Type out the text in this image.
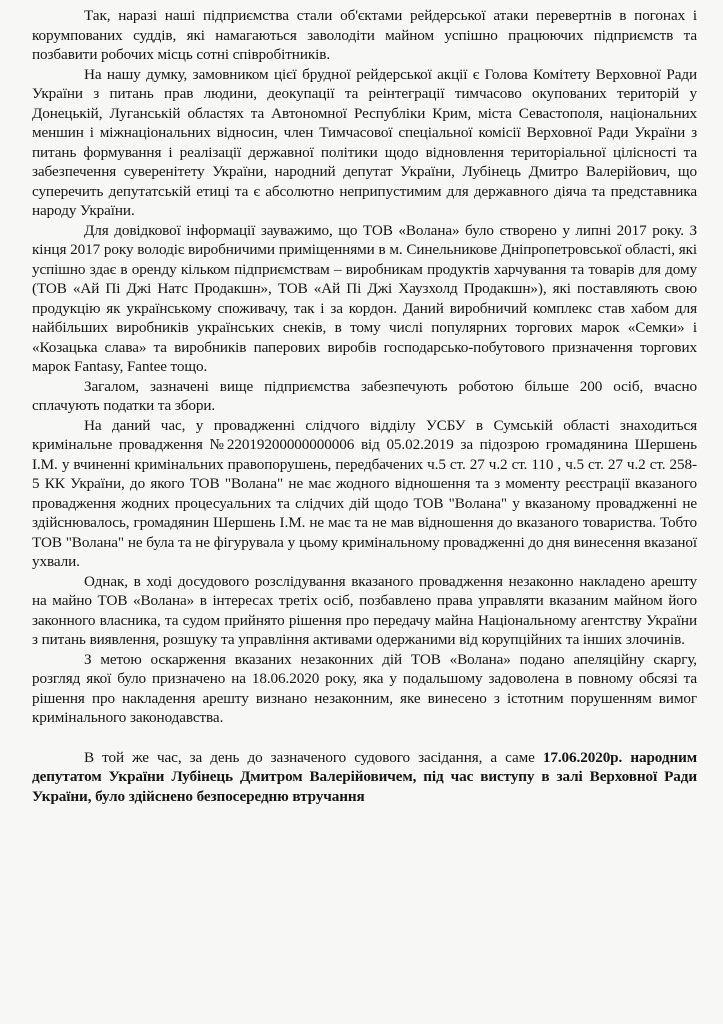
Так, наразі наші підприємства стали об'єктами рейдерської атаки перевертнів в погонах і корумпованих суддів, які намагаються заволодіти майном успішно працюючих підприємств та позбавити робочих місць сотні співробітників.

На нашу думку, замовником цієї брудної рейдерської акції є Голова Комітету Верховної Ради України з питань прав людини, деокупації та реінтеграції тимчасово окупованих територій у Донецькій, Луганській областях та Автономної Республіки Крим, міста Севастополя, національних меншин і міжнаціональних відносин, член Тимчасової спеціальної комісії Верховної Ради України з питань формування і реалізації державної політики щодо відновлення територіальної цілісності та забезпечення суверенітету України, народний депутат України, Лубінець Дмитро Валерійович, що суперечить депутатській етиці та є абсолютно неприпустимим для державного діяча та представника народу України.

Для довідкової інформації зауважимо, що ТОВ «Волана» було створено у липні 2017 року. З кінця 2017 року володіє виробничими приміщеннями в м. Синельникове Дніпропетровської області, які успішно здає в оренду кільком підприємствам – виробникам продуктів харчування та товарів для дому (ТОВ «Ай Пі Джі Натс Продакшн», ТОВ «Ай Пі Джі Хаузхолд Продакшн»), які поставляють свою продукцію як українському споживачу, так і за кордон. Даний виробничий комплекс став хабом для найбільших виробників українських снеків, в тому числі популярних торгових марок «Семки» і «Козацька слава» та виробників паперових виробів господарсько-побутового призначення торгових марок Fantasy, Fantee тощо.

Загалом, зазначені вище підприємства забезпечують роботою більше 200 осіб, вчасно сплачують податки та збори.

На даний час, у провадженні слідчого відділу УСБУ в Сумській області знаходиться кримінальне провадження №22019200000000006 від 05.02.2019 за підозрою громадянина Шершень І.М. у вчиненні кримінальних правопорушень, передбачених ч.5 ст. 27 ч.2 ст. 110 , ч.5 ст. 27 ч.2 ст. 258-5 КК України, до якого ТОВ "Волана" не має жодного відношення та з моменту реєстрації вказаного провадження жодних процесуальних та слідчих дій щодо ТОВ "Волана" у вказаному провадженні не здійснювалось, громадянин Шершень І.М. не має та не мав відношення до вказаного товариства. Тобто ТОВ "Волана" не була та не фігурувала у цьому кримінальному провадженні до дня винесення вказаної ухвали.

Однак, в ході досудового розслідування вказаного провадження незаконно накладено арешту на майно ТОВ «Волана» в інтересах третіх осіб, позбавлено права управляти вказаним майном його законного власника, та судом прийнято рішення про передачу майна Національному агентству України з питань виявлення, розшуку та управління активами одержаними від корупційних та інших злочинів.

З метою оскарження вказаних незаконних дій ТОВ «Волана» подано апеляційну скаргу, розгляд якої було призначено на 18.06.2020 року, яка у подальшому задоволена в повному обсязі та рішення про накладення арешту визнано незаконним, яке винесено з істотним порушенням вимог кримінального законодавства.

В той же час, за день до зазначеного судового засідання, а саме 17.06.2020р. народним депутатом України Лубінець Дмитром Валерійовичем, під час виступу в залі Верховної Ради України, було здійснено безпосередню втручання
